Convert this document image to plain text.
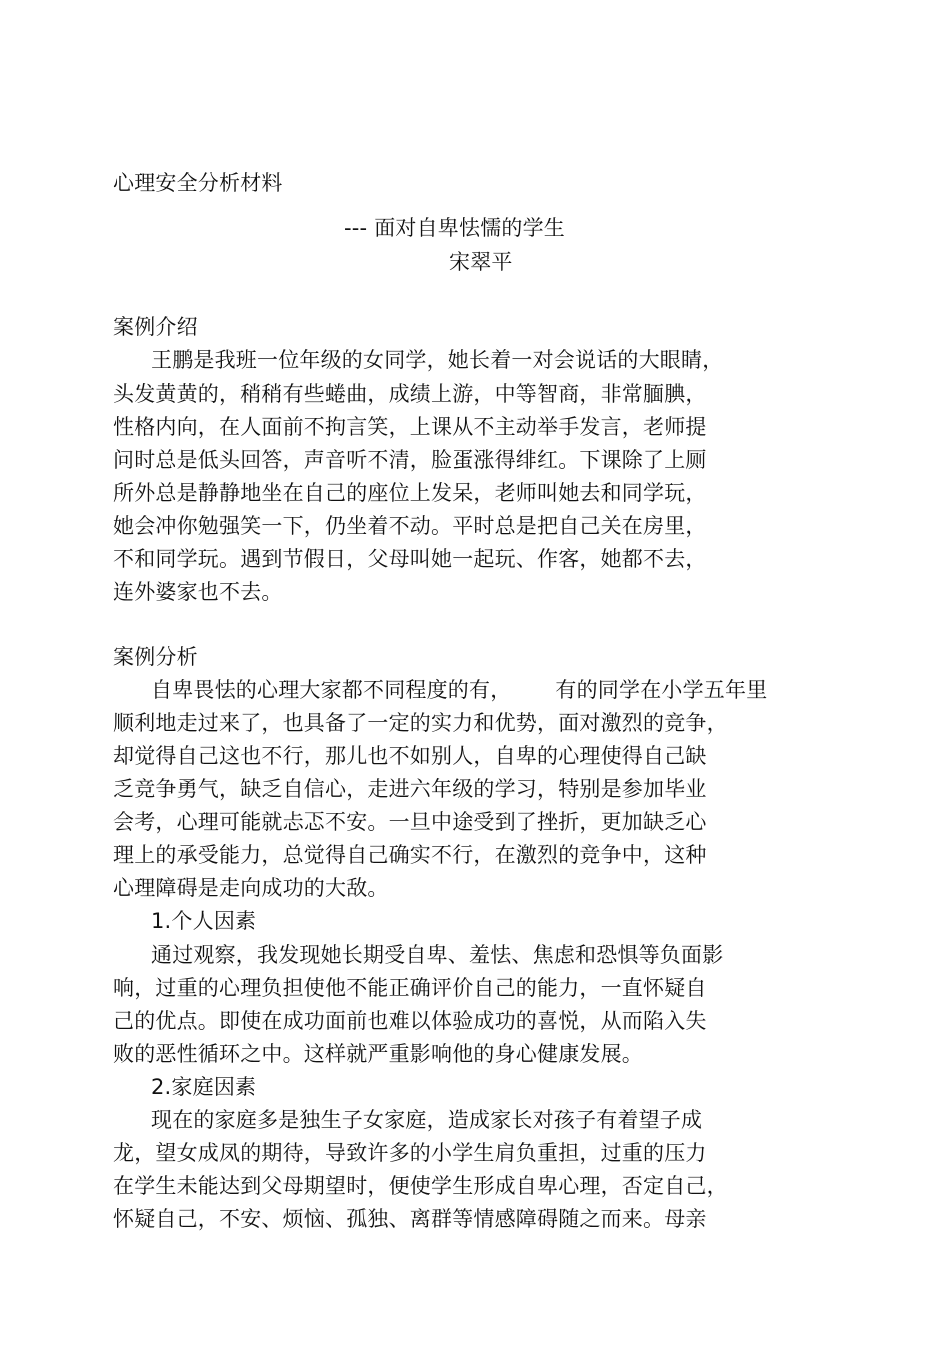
心理安全分析材料
--- 面对自卑怯懦的学生
宋翠平
案例介绍
王鹏是我班一位年级的女同学，她长着一对会说话的大眼睛，
头发黄黄的，稍稍有些蜷曲，成绩上游，中等智商，非常腼腆，
性格内向，在人面前不拘言笑，上课从不主动举手发言，老师提
问时总是低头回答，声音听不清，脸蛋涨得绯红。下课除了上厕
所外总是静静地坐在自己的座位上发呆，老师叫她去和同学玩，
她会冲你勉强笑一下，仍坐着不动。平时总是把自己关在房里，
不和同学玩。遇到节假日，父母叫她一起玩、作客，她都不去，
连外婆家也不去。
案例分析
自卑畏怯的心理大家都不同程度的有， 有的同学在小学五年里
顺利地走过来了，也具备了一定的实力和优势，面对激烈的竞争，
却觉得自己这也不行，那儿也不如别人，自卑的心理使得自己缺
乏竞争勇气，缺乏自信心，走进六年级的学习，特别是参加毕业
会考，心理可能就忐忑不安。一旦中途受到了挫折，更加缺乏心
理上的承受能力，总觉得自己确实不行，在激烈的竞争中，这种
心理障碍是走向成功的大敌。
1.个人因素
通过观察，我发现她长期受自卑、羞怯、焦虑和恐惧等负面影
响，过重的心理负担使他不能正确评价自己的能力，一直怀疑自
己的优点。即使在成功面前也难以体验成功的喜悦，从而陷入失
败的恶性循环之中。这样就严重影响他的身心健康发展。
2.家庭因素
现在的家庭多是独生子女家庭，造成家长对孩子有着望子成
龙，望女成凤的期待，导致许多的小学生肩负重担，过重的压力
在学生未能达到父母期望时，便使学生形成自卑心理，否定自己，
怀疑自己，不安、烦恼、孤独、离群等情感障碍随之而来。母亲
